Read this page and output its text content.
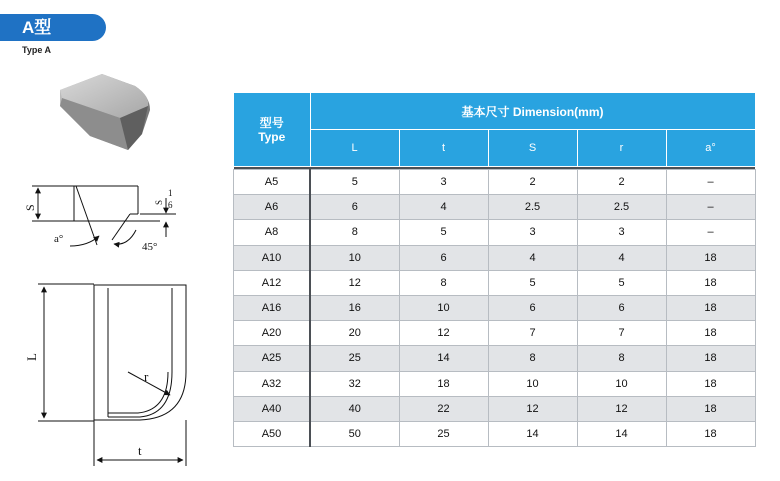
A型
Type A
S
S
1
6
a°
45°
L
r
t
型号
Type	基本尺寸 Dimension(mm)				
	L	t	S	r	a°

A5	5	3	2	2	–
A6	6	4	2.5	2.5	–
A8	8	5	3	3	–
A10	10	6	4	4	18
A12	12	8	5	5	18
A16	16	10	6	6	18
A20	20	12	7	7	18
A25	25	14	8	8	18
A32	32	18	10	10	18
A40	40	22	12	12	18
A50	50	25	14	14	18
